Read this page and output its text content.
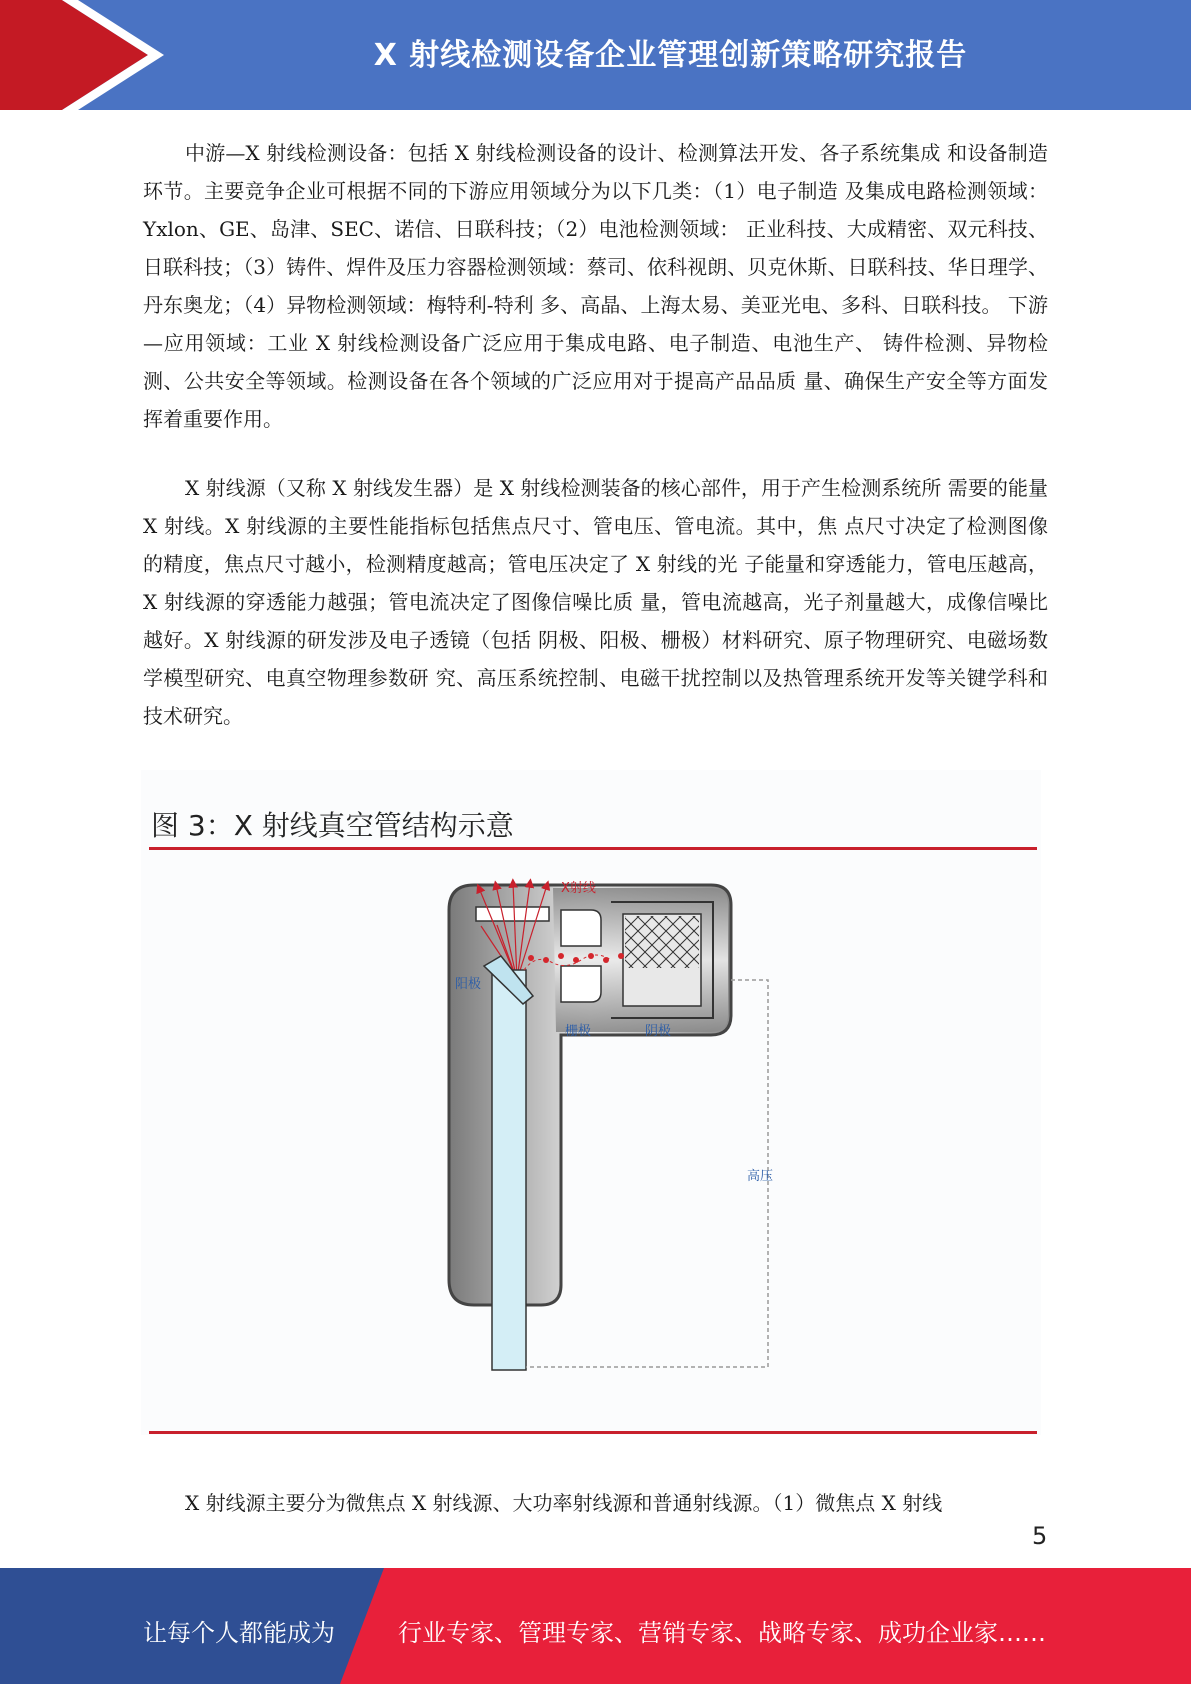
X 射线检测设备企业管理创新策略研究报告

中游—X 射线检测设备：包括 X 射线检测设备的设计、检测算法开发、各子系统集成 和设备制造环节。主要竞争企业可根据不同的下游应用领域分为以下几类：（1）电子制造 及集成电路检测领域：Yxlon、GE、岛津、SEC、诺信、日联科技；（2）电池检测领域： 正业科技、大成精密、双元科技、日联科技；（3）铸件、焊件及压力容器检测领域：蔡司、依科视朗、贝克休斯、日联科技、华日理学、丹东奥龙；（4）异物检测领域：梅特利-特利 多、高晶、上海太易、美亚光电、多科、日联科技。 下游—应用领域：工业 X 射线检测设备广泛应用于集成电路、电子制造、电池生产、 铸件检测、异物检测、公共安全等领域。检测设备在各个领域的广泛应用对于提高产品品质 量、确保生产安全等方面发挥着重要作用。

X 射线源（又称 X 射线发生器）是 X 射线检测装备的核心部件，用于产生检测系统所 需要的能量 X 射线。X 射线源的主要性能指标包括焦点尺寸、管电压、管电流。其中，焦 点尺寸决定了检测图像的精度，焦点尺寸越小，检测精度越高；管电压决定了 X 射线的光 子能量和穿透能力，管电压越高，X 射线源的穿透能力越强；管电流决定了图像信噪比质 量，管电流越高，光子剂量越大，成像信噪比越好。X 射线源的研发涉及电子透镜（包括 阴极、阳极、栅极）材料研究、原子物理研究、电磁场数学模型研究、电真空物理参数研 究、高压系统控制、电磁干扰控制以及热管理系统开发等关键学科和技术研究。

图 3：X 射线真空管结构示意
X射线
阳极
栅极	阴极
高压

X 射线源主要分为微焦点 X 射线源、大功率射线源和普通射线源。（1）微焦点 X 射线

5
让每个人都能成为	行业专家、管理专家、营销专家、战略专家、成功企业家……
